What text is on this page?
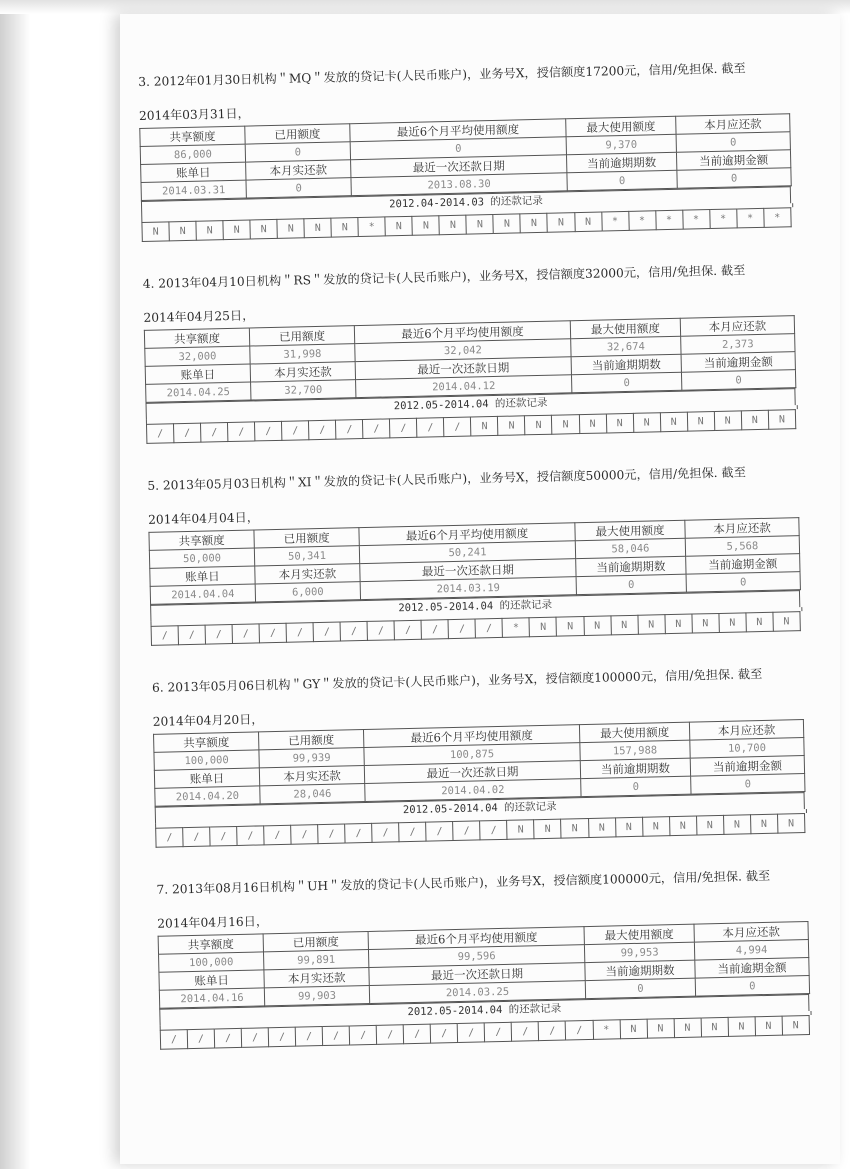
3. 2012年01月30日机构＂MQ＂发放的贷记卡(人民币账户)，业务号X，授信额度17200元，信用/免担保. 截至
2014年03月31日，
共享额度	已用额度	最近6个月平均使用额度	最大使用额度	本月应还款
86,000	0	0	9,370	0
账单日	本月实还款	最近一次还款日期	当前逾期期数	当前逾期金额
2014.03.31	0	2013.08.30	0	0
2012.04-2014.03 的还款记录
N	N	N	N	N	N	N	N	*	N	N	N	N	N	N	N	N	*	*	*	*	*	*	*
4. 2013年04月10日机构＂RS＂发放的贷记卡(人民币账户)，业务号X，授信额度32000元，信用/免担保. 截至
2014年04月25日，
共享额度	已用额度	最近6个月平均使用额度	最大使用额度	本月应还款
32,000	31,998	32,042	32,674	2,373
账单日	本月实还款	最近一次还款日期	当前逾期期数	当前逾期金额
2014.04.25	32,700	2014.04.12	0	0
2012.05-2014.04 的还款记录
/	/	/	/	/	/	/	/	/	/	/	/	N	N	N	N	N	N	N	N	N	N	N	N
5. 2013年05月03日机构＂XI＂发放的贷记卡(人民币账户)，业务号X，授信额度50000元，信用/免担保. 截至
2014年04月04日，
共享额度	已用额度	最近6个月平均使用额度	最大使用额度	本月应还款
50,000	50,341	50,241	58,046	5,568
账单日	本月实还款	最近一次还款日期	当前逾期期数	当前逾期金额
2014.04.04	6,000	2014.03.19	0	0
2012.05-2014.04 的还款记录
/	/	/	/	/	/	/	/	/	/	/	/	/	*	N	N	N	N	N	N	N	N	N	N
6. 2013年05月06日机构＂GY＂发放的贷记卡(人民币账户)，业务号X，授信额度100000元，信用/免担保. 截至
2014年04月20日，
共享额度	已用额度	最近6个月平均使用额度	最大使用额度	本月应还款
100,000	99,939	100,875	157,988	10,700
账单日	本月实还款	最近一次还款日期	当前逾期期数	当前逾期金额
2014.04.20	28,046	2014.04.02	0	0
2012.05-2014.04 的还款记录
/	/	/	/	/	/	/	/	/	/	/	/	/	N	N	N	N	N	N	N	N	N	N	N
7. 2013年08月16日机构＂UH＂发放的贷记卡(人民币账户)，业务号X，授信额度100000元，信用/免担保. 截至
2014年04月16日，
共享额度	已用额度	最近6个月平均使用额度	最大使用额度	本月应还款
100,000	99,891	99,596	99,953	4,994
账单日	本月实还款	最近一次还款日期	当前逾期期数	当前逾期金额
2014.04.16	99,903	2014.03.25	0	0
2012.05-2014.04 的还款记录
/	/	/	/	/	/	/	/	/	/	/	/	/	/	/	/	*	N	N	N	N	N	N	N
